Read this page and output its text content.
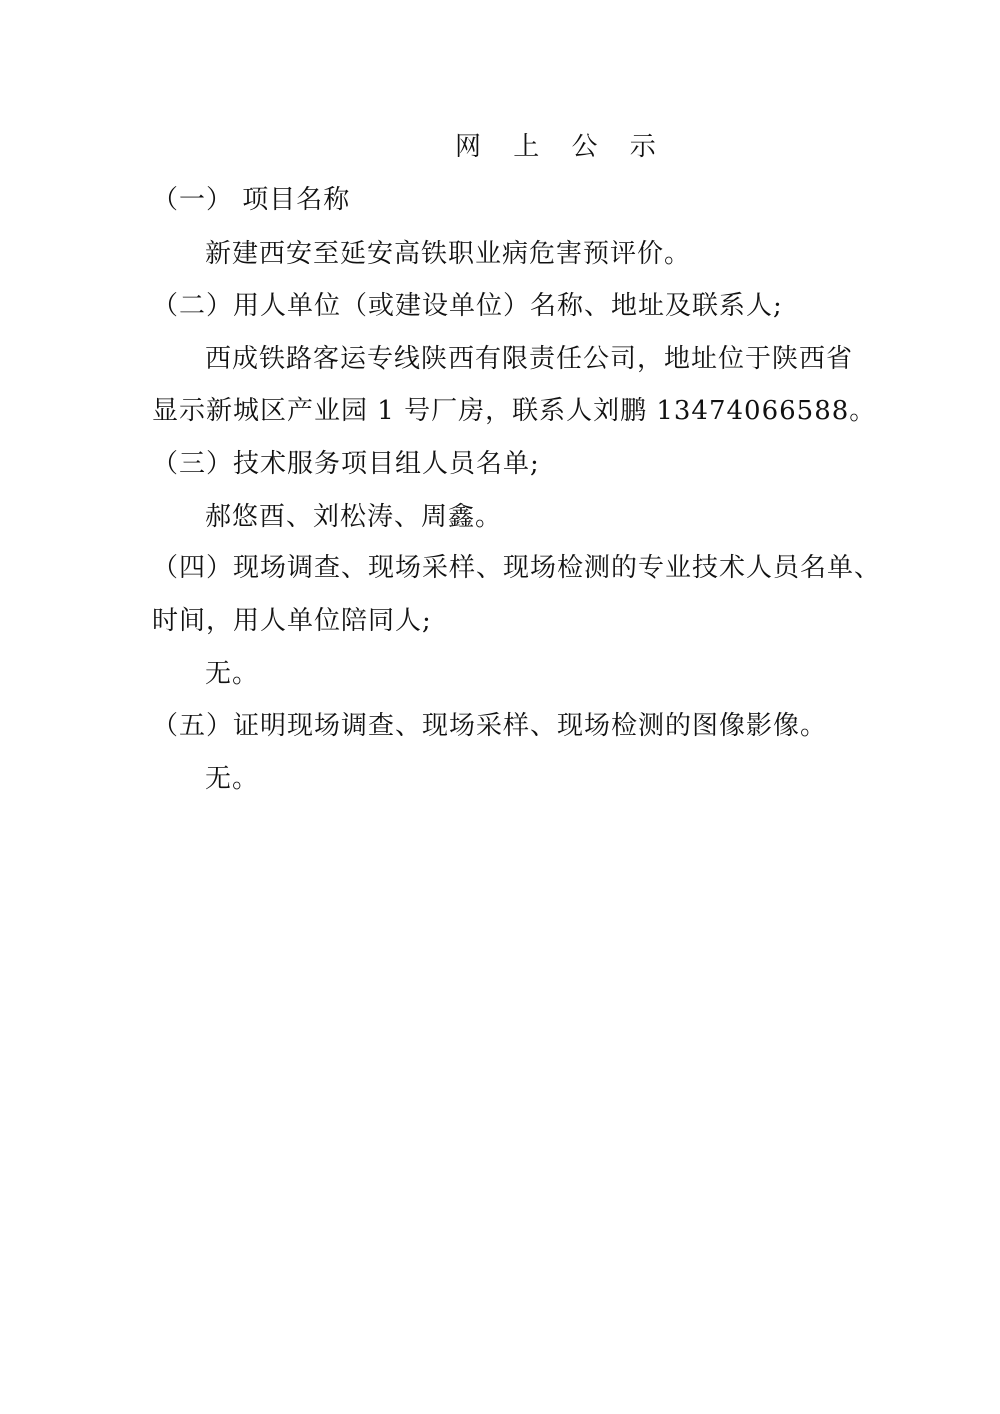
网 上 公 示
（一） 项目名称
新建西安至延安高铁职业病危害预评价。
（二）用人单位（或建设单位）名称、地址及联系人;
西成铁路客运专线陕西有限责任公司，地址位于陕西省
显示新城区产业园 1 号厂房，联系人刘鹏 13474066588。
（三）技术服务项目组人员名单;
郝悠酉、刘松涛、周鑫。
（四）现场调查、现场采样、现场检测的专业技术人员名单、
时间，用人单位陪同人;
无。
（五）证明现场调查、现场采样、现场检测的图像影像。
无。
